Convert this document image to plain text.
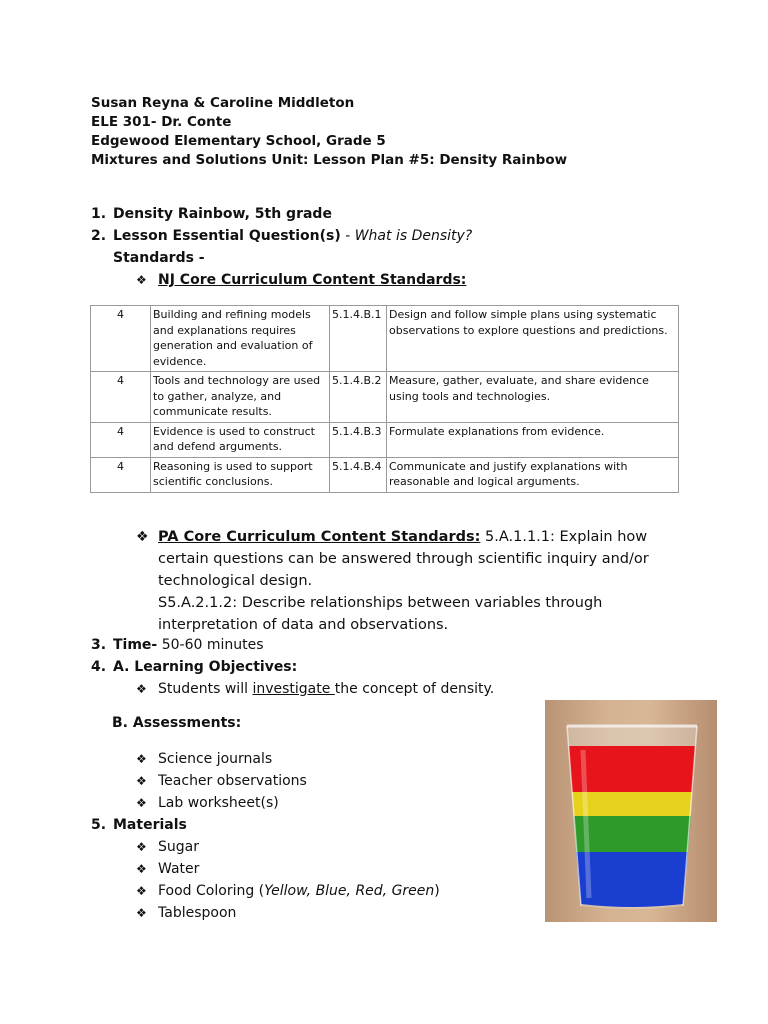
Susan Reyna & Caroline Middleton
ELE 301- Dr. Conte
Edgewood Elementary School, Grade 5
Mixtures and Solutions Unit: Lesson Plan #5: Density Rainbow
1. Density Rainbow, 5th grade
2. Lesson Essential Question(s) - What is Density?
Standards -
❖ NJ Core Curriculum Content Standards:
4	Building and refining models and explanations requires generation and evaluation of evidence.	5.1.4.B.1	Design and follow simple plans using systematic observations to explore questions and predictions.
4	Tools and technology are used to gather, analyze, and communicate results.	5.1.4.B.2	Measure, gather, evaluate, and share evidence using tools and technologies.
4	Evidence is used to construct and defend arguments.	5.1.4.B.3	Formulate explanations from evidence.
4	Reasoning is used to support scientific conclusions.	5.1.4.B.4	Communicate and justify explanations with reasonable and logical arguments.
❖ PA Core Curriculum Content Standards: 5.A.1.1.1: Explain how certain questions can be answered through scientific inquiry and/or technological design.
S5.A.2.1.2: Describe relationships between variables through interpretation of data and observations.
3. Time- 50-60 minutes
4. A. Learning Objectives:
❖ Students will investigate the concept of density.
B. Assessments:
❖ Science journals
❖ Teacher observations
❖ Lab worksheet(s)
5. Materials
❖ Sugar
❖ Water
❖ Food Coloring (Yellow, Blue, Red, Green)
❖ Tablespoon
